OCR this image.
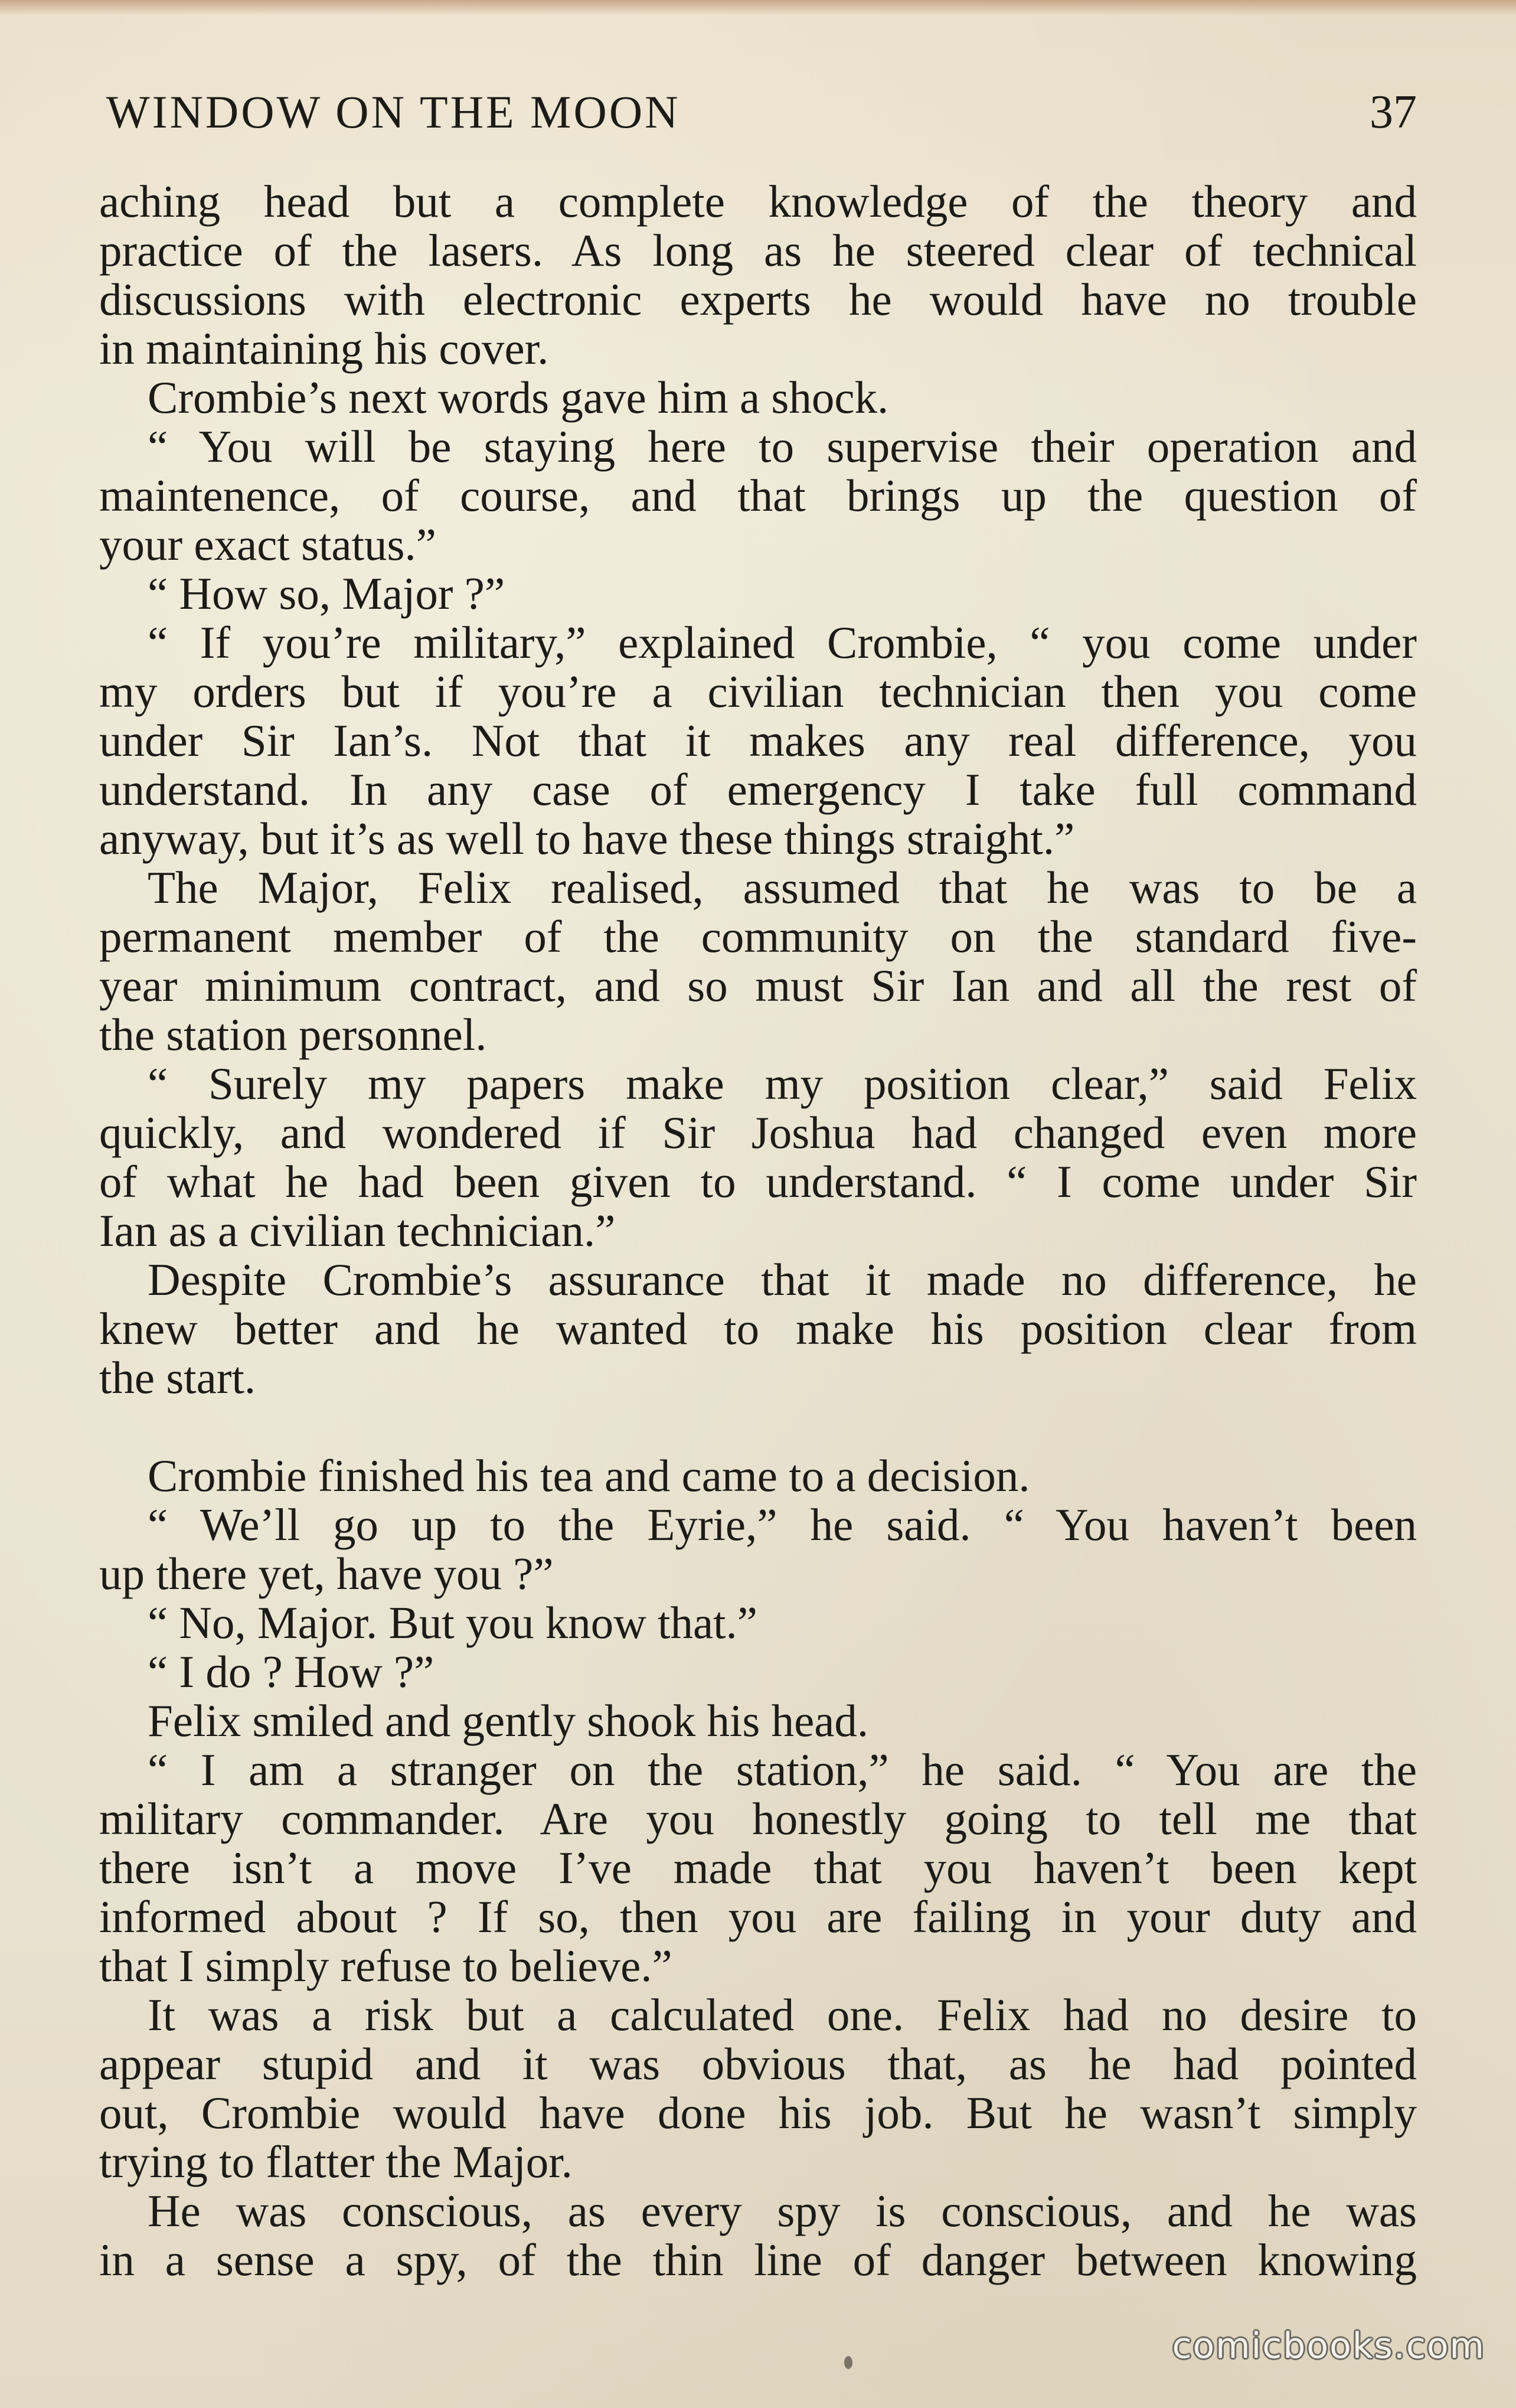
WINDOW ON THE MOON	37
aching head but a complete knowledge of the theory and
practice of the lasers. As long as he steered clear of technical
discussions with electronic experts he would have no trouble
in maintaining his cover.
Crombie’s next words gave him a shock.
“ You will be staying here to supervise their operation and
maintenence, of course, and that brings up the question of
your exact status.”
“ How so, Major ?”
“ If you’re military,” explained Crombie, “ you come under
my orders but if you’re a civilian technician then you come
under Sir Ian’s. Not that it makes any real difference, you
understand. In any case of emergency I take full command
anyway, but it’s as well to have these things straight.”
The Major, Felix realised, assumed that he was to be a
permanent member of the community on the standard five-
year minimum contract, and so must Sir Ian and all the rest of
the station personnel.
“ Surely my papers make my position clear,” said Felix
quickly, and wondered if Sir Joshua had changed even more
of what he had been given to understand. “ I come under Sir
Ian as a civilian technician.”
Despite Crombie’s assurance that it made no difference, he
knew better and he wanted to make his position clear from
the start.
Crombie finished his tea and came to a decision.
“ We’ll go up to the Eyrie,” he said. “ You haven’t been
up there yet, have you ?”
“ No, Major. But you know that.”
“ I do ? How ?”
Felix smiled and gently shook his head.
“ I am a stranger on the station,” he said. “ You are the
military commander. Are you honestly going to tell me that
there isn’t a move I’ve made that you haven’t been kept
informed about ? If so, then you are failing in your duty and
that I simply refuse to believe.”
It was a risk but a calculated one. Felix had no desire to
appear stupid and it was obvious that, as he had pointed
out, Crombie would have done his job. But he wasn’t simply
trying to flatter the Major.
He was conscious, as every spy is conscious, and he was
in a sense a spy, of the thin line of danger between knowing
comicbooks.com
